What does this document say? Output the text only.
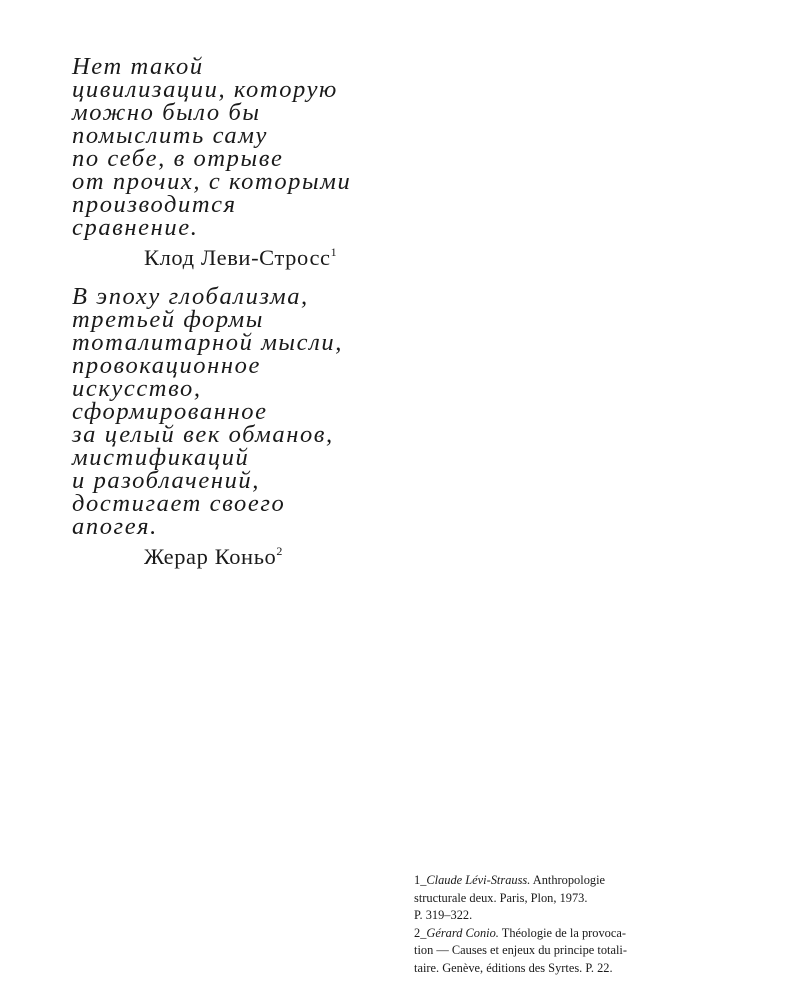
Нет такой
цивилизации, которую
можно было бы
помыслить саму
по себе, в отрыве
от прочих, с которыми
производится
сравнение.
Клод Леви-Стросс$^1$
В эпоху глобализма,
третьей формы
тоталитарной мысли,
провокационное
искусство,
сформированное
за целый век обманов,
мистификаций
и разоблачений,
достигает своего
апогея.
Жерар Коньо$^2$
1_Claude Lévi-Strauss. Anthropologie
structurale deux. Paris, Plon, 1973.
P. 319–322.
2_Gérard Conio. Théologie de la provoca-
tion — Causes et enjeux du principe totali-
taire. Genève, éditions des Syrtes. P. 22.
